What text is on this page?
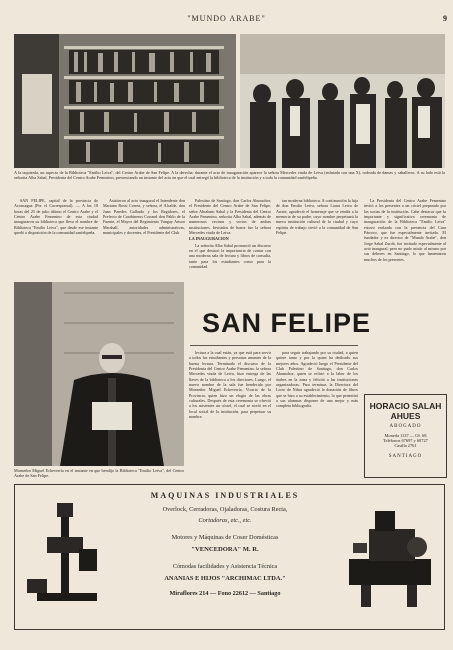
"MUNDO ARABE"	9
A la izquierda, un aspecto de la Biblioteca "Emilio Leiva", del Centro Arabe de San Felipe. A la derecha: durante el acto de inauguración aparece la señora Mercedes viuda de Leiva (enlutada con una X), rodeada de damas y caballeros. A su lado está la señorita Alba Sabal, Presidenta del Centro Arabe Femenino, presenciando un instante del acto en que el cual entregó la biblioteca de la institución y a toda la comunidad sanfelipeña.

SAN FELIPE, capital de la provincia de Aconcagua (Por el Corresponsal). — A las 18 horas del 25 de julio último el Centro Arabe y el Centro Arabe Femenino de esta ciudad inauguraron su biblioteca que lleva el nombre de Biblioteca "Emilio Leiva", que desde ese instante quedó a disposición de la comunidad sanfelipeña.

Asistieron al acto inaugural el Intendente don Mariano Rossi Correa, y señora, el Alcalde, don Juan Paredes Gallardo y los Regidores, el Prefecto de Carabineros Coronel don Pablo de la Fuente, el Mayor del Regimiento Yungay Arturo Marshall, autoridades administrativas, municipales y docentes, el Presidente del Club

Palestino de Santiago, don Carlos Abumohor, el Presidente del Centro Arabe de San Felipe, señor Abraham Sabal y la Presidenta del Centro Arabe Femenino, señorita Alba Sabal, además de numerosos vecinos y socios de ambas instituciones. Invitados de honor fue la señora Mercedes viuda de Leiva.

LA INAUGURACION

La señorita Alba Sabal pronunció un discurso en el que destacó la importancia de contar con una moderna sala de lectura y libros de consulta, tanto para los estudiantes como para la comunidad.

tan moderna biblioteca. A continuación la hija de don Emilio Leiva, señora Laura Leiva de Arrate, agradeció el homenaje que se rendía a la memoria de su padre, cuyo nombre perpetuará la nueva institución cultural de la ciudad y cuyo espíritu de trabajo sirvió a la comunidad de San Felipe.

La Presidenta del Centro Arabe Femenino invitó a los presentes a un cóctel preparado por las socias de la institución. Cabe destacar que la importante y significativa ceremonia de inauguración de la Biblioteca "Emilio Leiva" estuvo realzada con la presencia del Cura Párroco, que fue especialmente invitado. El fundador y ex director de "Mundo Arabe", don Jorge Sabal Zurob, fue invitado especialmente al acto inaugural, pero no pudo asistir al mismo por sus deberes en Santiago, lo que lamentaron muchos de los presentes.

Monseñor Miguel Echeverría en el instante en que bendijo la Biblioteca "Emilio Leiva", del Centro Arabe de San Felipe.
SAN FELIPE

lectura a la cual están, ya que está para servir a todos los estudiantes y personas amantes de la buena lectura. Terminado el discurso de la Presidenta del Centro Arabe Femenino, la señora Mercedes viuda de Leiva, hizo entrega de las llaves de la biblioteca a los directores. Luego, el nuevo nombre de la sala fue bendecido por Monseñor Miguel Echeverría, Vicario de la Provincia, quien hizo un elogio de las obras culturales. Después de esta ceremonia se ofreció a los asistentes un cóctel, el cual se sirvió en el local social de la institución, para perpetuar su nombre.

para seguir trabajando por su ciudad, a quien quiere tanto y por la quien ha dedicado sus mejores años. Agradeció luego el Presidente del Club Palestino de Santiago, don Carlos Abumohor, quien se refirió a la labor de los árabes en la zona y felicitó a las instituciones organizadoras. Para terminar, la Directora del Liceo de Niñas agradeció la donación de libros que se hizo a su establecimiento, lo que permitirá a sus alumnas disponer de una mejor y más completa bibliografía.	HORACIO SALAH AHUES
ABOGADO
Moneda 1137 — Of. 68
Teléfonos 67697 y 60727
Casilla 2761
SANTIAGO
MAQUINAS INDUSTRIALES
Overlock, Cerradoras, Ojaladoras, Costura Recta,
Cortadoras, etc., etc.
Motores y Máquinas de Coser Domésticas
"VENCEDORA" M. R.
Cómodas facilidades y Asistencia Técnica
ANANIAS E HIJOS "ARCHIMAC LTDA."
Miraflores 214 — Fono 22612 — Santiago
